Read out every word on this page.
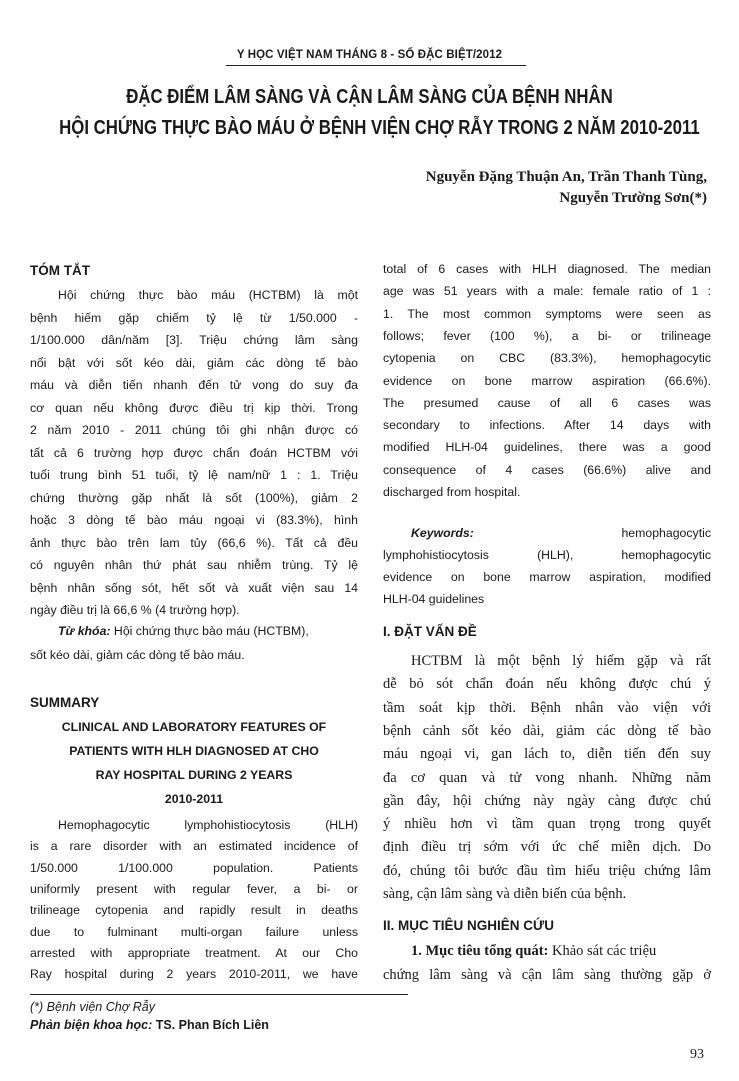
Y HỌC VIỆT NAM THÁNG 8 - SỐ ĐẶC BIỆT/2012
ĐẶC ĐIỂM LÂM SÀNG VÀ CẬN LÂM SÀNG CỦA BỆNH NHÂN
HỘI CHỨNG THỰC BÀO MÁU Ở BỆNH VIỆN CHỢ RẪY TRONG 2 NĂM 2010-2011
Nguyễn Đặng Thuận An, Trần Thanh Tùng,
Nguyễn Trường Sơn(*)
TÓM TẮT
Hội chứng thực bào máu (HCTBM) là một
bệnh hiếm gặp chiếm tỷ lệ từ 1/50.000 -
1/100.000 dân/năm [3]. Triệu chứng lâm sàng
nổi bật với sốt kéo dài, giảm các dòng tế bào
máu và diễn tiến nhanh đến tử vong do suy đa
cơ quan nếu không được điều trị kịp thời. Trong
2 năm 2010 - 2011 chúng tôi ghi nhận được có
tất cả 6 trường hợp được chẩn đoán HCTBM với
tuổi trung bình 51 tuổi, tỷ lệ nam/nữ 1 : 1. Triệu
chứng thường gặp nhất là sốt (100%), giảm 2
hoặc 3 dòng tế bào máu ngoại vi (83.3%), hình
ảnh thực bào trên lam tủy (66,6 %). Tất cả đều
có nguyên nhân thứ phát sau nhiễm trùng. Tỷ lệ
bệnh nhân sống sót, hết sốt và xuất viện sau 14
ngày điều trị là 66,6 % (4 trường hợp).
Từ khóa: Hội chứng thực bào máu (HCTBM),
sốt kéo dài, giảm các dòng tế bào máu.
SUMMARY
CLINICAL AND LABORATORY FEATURES OF
PATIENTS WITH HLH DIAGNOSED AT CHO
RAY HOSPITAL DURING 2 YEARS
2010-2011
Hemophagocytic lymphohistiocytosis (HLH)
is a rare disorder with an estimated incidence of
1/50.000 1/100.000 population. Patients
uniformly present with regular fever, a bi- or
trilineage cytopenia and rapidly result in deaths
due to fulminant multi-organ failure unless
arrested with appropriate treatment. At our Cho
Ray hospital during 2 years 2010-2011, we have
total of 6 cases with HLH diagnosed. The median
age was 51 years with a male: female ratio of 1 :
1. The most common symptoms were seen as
follows; fever (100 %), a bi- or trilineage
cytopenia on CBC (83.3%), hemophagocytic
evidence on bone marrow aspiration (66.6%).
The presumed cause of all 6 cases was
secondary to infections. After 14 days with
modified HLH-04 guidelines, there was a good
consequence of 4 cases (66.6%) alive and
discharged from hospital.
Keywords:	hemophagocytic
lymphohistiocytosis (HLH), hemophagocytic
evidence on bone marrow aspiration, modified
HLH-04 guidelines
I. ĐẶT VẤN ĐỀ
HCTBM là một bệnh lý hiếm gặp và rất
dễ bỏ sót chẩn đoán nếu không được chú ý
tầm soát kịp thời. Bệnh nhân vào viện với
bệnh cảnh sốt kéo dài, giảm các dòng tế bào
máu ngoại vi, gan lách to, diễn tiến đến suy
đa cơ quan và tử vong nhanh. Những năm
gần đây, hội chứng này ngày càng được chú
ý nhiều hơn vì tầm quan trọng trong quyết
định điều trị sớm với ức chế miễn dịch. Do
đó, chúng tôi bước đầu tìm hiểu triệu chứng lâm
sàng, cận lâm sàng và diễn biến của bệnh.
II. MỤC TIÊU NGHIÊN CỨU
1. Mục tiêu tổng quát: Khảo sát các triệu
chứng lâm sàng và cận lâm sàng thường gặp ở
(*) Bệnh viện Chợ Rẫy
Phản biện khoa học: TS. Phan Bích Liên
93
